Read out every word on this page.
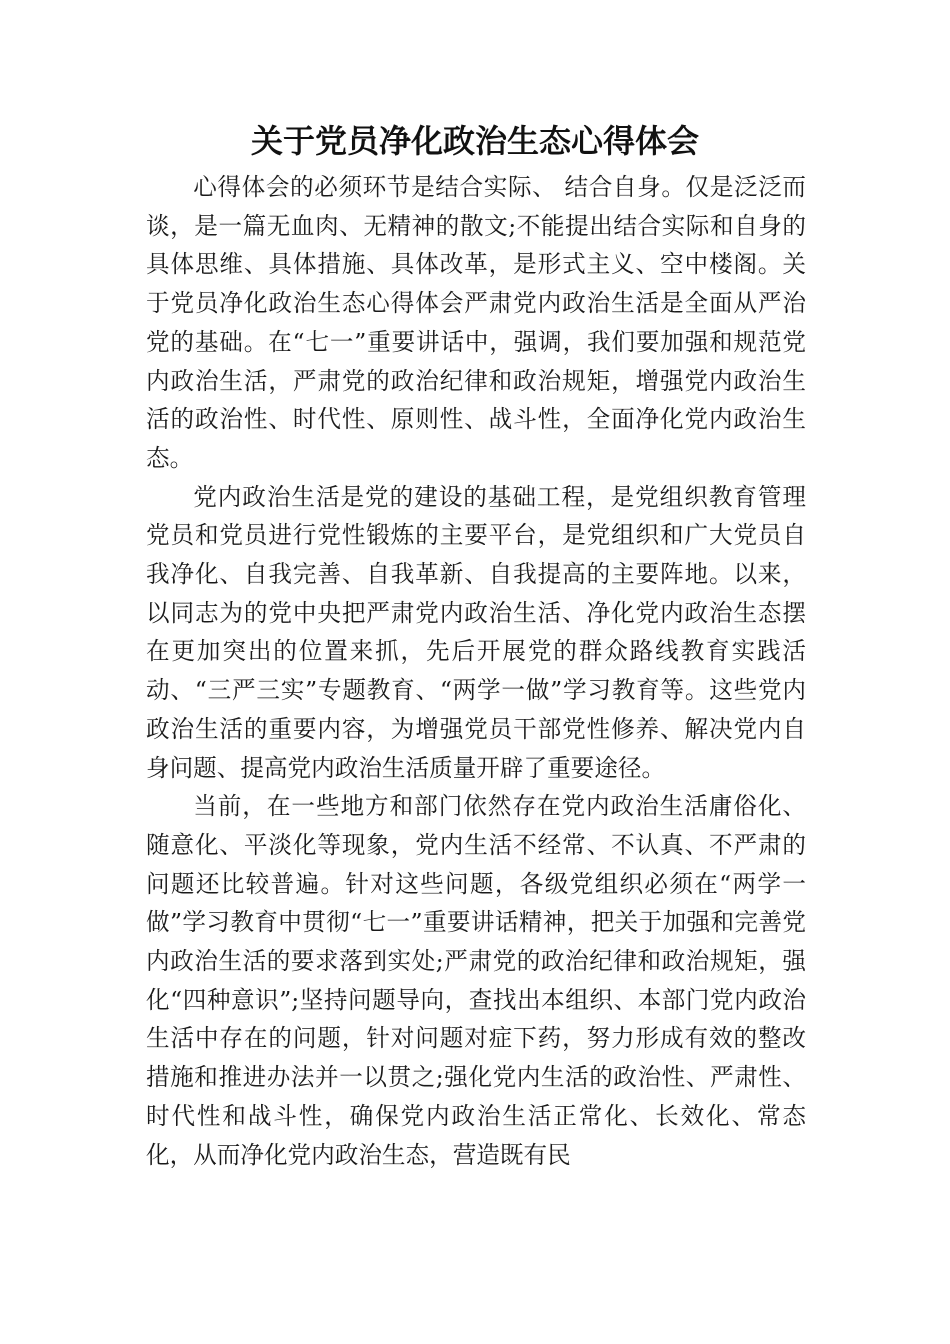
关于党员净化政治生态心得体会

心得体会的必须环节是结合实际、 结合自身。仅是泛泛而谈，是一篇无血肉、无精神的散文;不能提出结合实际和自身的具体思维、具体措施、具体改革，是形式主义、空中楼阁。关于党员净化政治生态心得体会严肃党内政治生活是全面从严治党的基础。在“七一”重要讲话中，强调，我们要加强和规范党内政治生活，严肃党的政治纪律和政治规矩，增强党内政治生活的政治性、时代性、原则性、战斗性，全面净化党内政治生态。

党内政治生活是党的建设的基础工程，是党组织教育管理党员和党员进行党性锻炼的主要平台，是党组织和广大党员自我净化、自我完善、自我革新、自我提高的主要阵地。以来，以同志为的党中央把严肃党内政治生活、净化党内政治生态摆在更加突出的位置来抓，先后开展党的群众路线教育实践活动、“三严三实”专题教育、“两学一做”学习教育等。这些党内政治生活的重要内容，为增强党员干部党性修养、解决党内自身问题、提高党内政治生活质量开辟了重要途径。

当前，在一些地方和部门依然存在党内政治生活庸俗化、随意化、平淡化等现象，党内生活不经常、不认真、不严肃的问题还比较普遍。针对这些问题，各级党组织必须在“两学一做”学习教育中贯彻“七一”重要讲话精神，把关于加强和完善党内政治生活的要求落到实处;严肃党的政治纪律和政治规矩，强化“四种意识”;坚持问题导向，查找出本组织、本部门党内政治生活中存在的问题，针对问题对症下药，努力形成有效的整改措施和推进办法并一以贯之;强化党内生活的政治性、严肃性、时代性和战斗性，确保党内政治生活正常化、长效化、常态化，从而净化党内政治生态，营造既有民
